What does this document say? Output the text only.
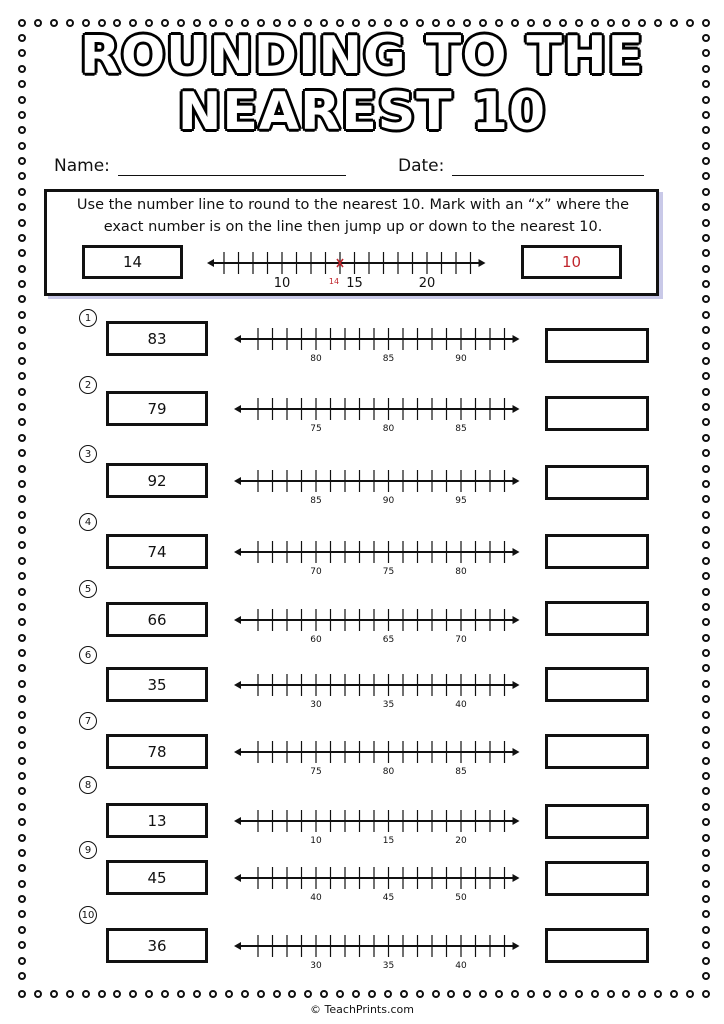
ROUNDING TO THE
NEAREST 10
Name:	Date:
Use the number line to round to the nearest 10. Mark with an “x” where the exact number is on the line then jump up or down to the nearest 10.
14
10	15	20
14
10
1
83
80	85	90
2
79
75	80	85
3
92
85	90	95
4
74
70	75	80
5
66
60	65	70
6
35
30	35	40
7
78
75	80	85
8
13
10	15	20
9
45
40	45	50
10
36
30	35	40
© TeachPrints.com
